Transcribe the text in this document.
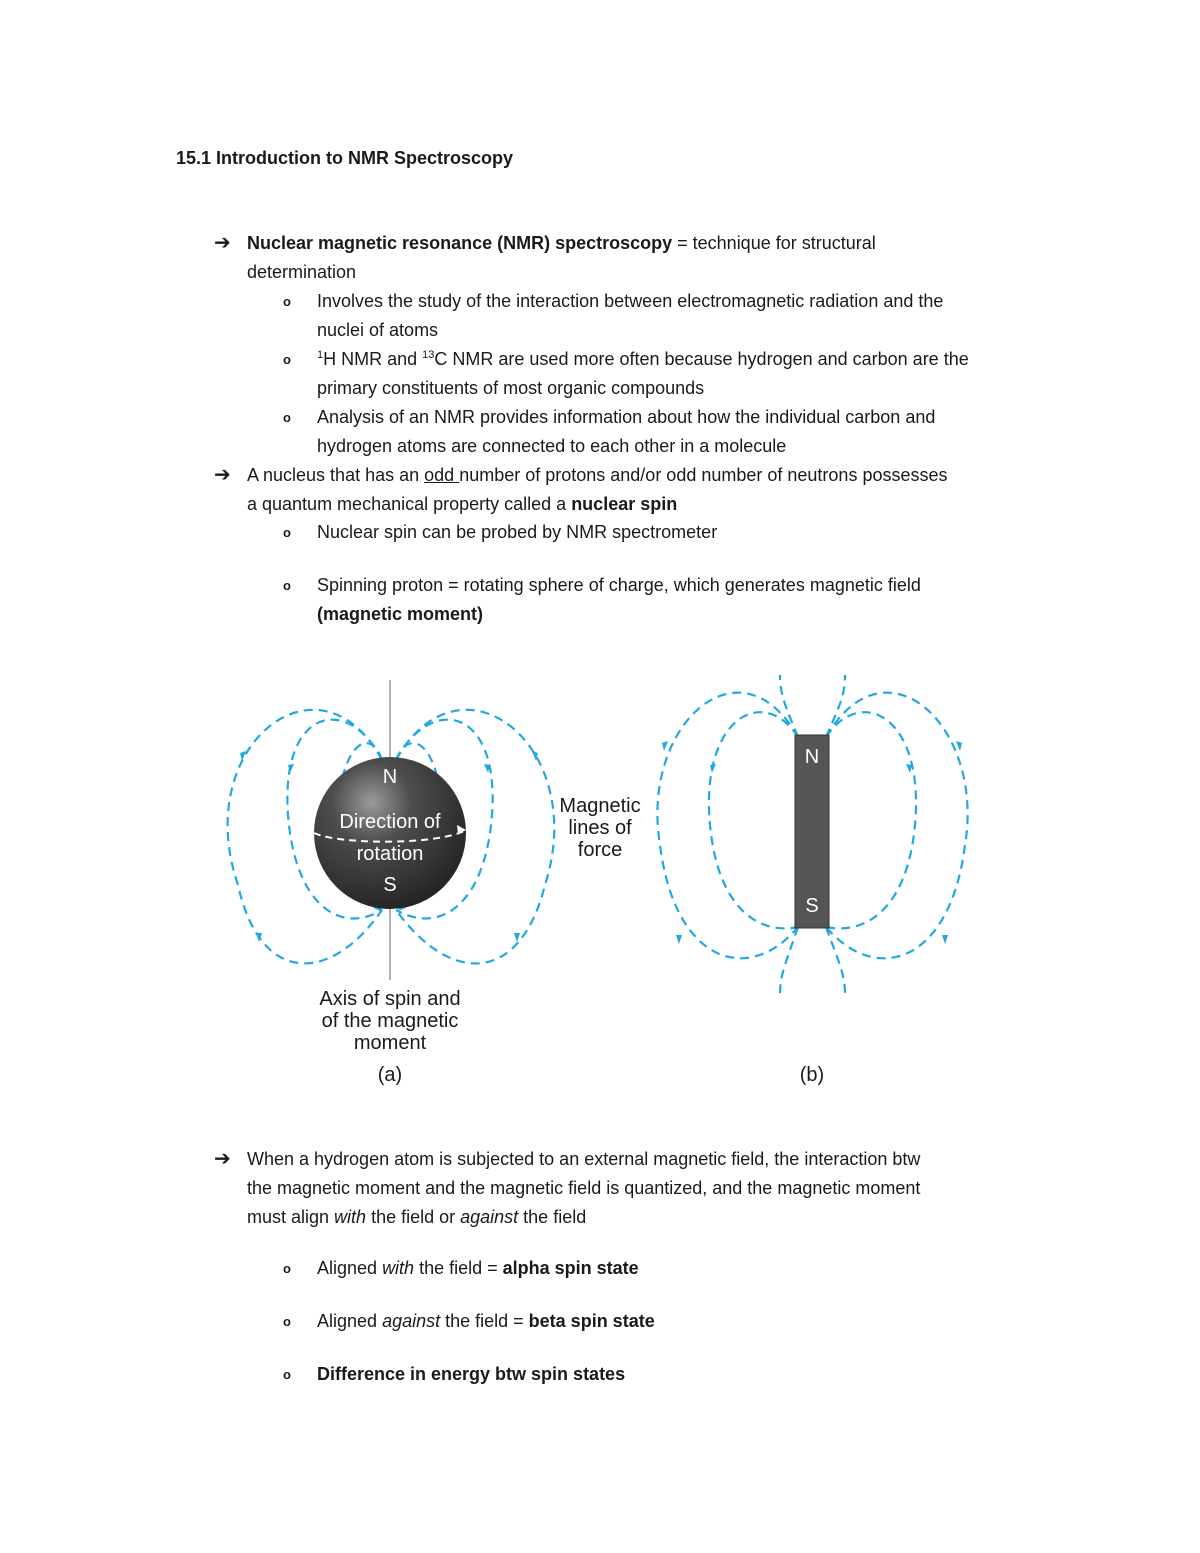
15.1 Introduction to NMR Spectroscopy
➔ Nuclear magnetic resonance (NMR) spectroscopy = technique for structural
determination
o Involves the study of the interaction between electromagnetic radiation and the
nuclei of atoms
o $^1$H NMR and $^{13}$C NMR are used more often because hydrogen and carbon are the
primary constituents of most organic compounds
o Analysis of an NMR provides information about how the individual carbon and
hydrogen atoms are connected to each other in a molecule
➔ A nucleus that has an odd number of protons and/or odd number of neutrons possesses
a quantum mechanical property called a nuclear spin
o Nuclear spin can be probed by NMR spectrometer
o Spinning proton = rotating sphere of charge, which generates magnetic field
(magnetic moment)
N
Direction of
rotation
S
Magnetic
lines of
force
Axis of spin and
of the magnetic
moment
(a)
N
S
(b)
➔ When a hydrogen atom is subjected to an external magnetic field, the interaction btw
the magnetic moment and the magnetic field is quantized, and the magnetic moment
must align with the field or against the field
o Aligned with the field = alpha spin state
o Aligned against the field = beta spin state
o Difference in energy btw spin states
